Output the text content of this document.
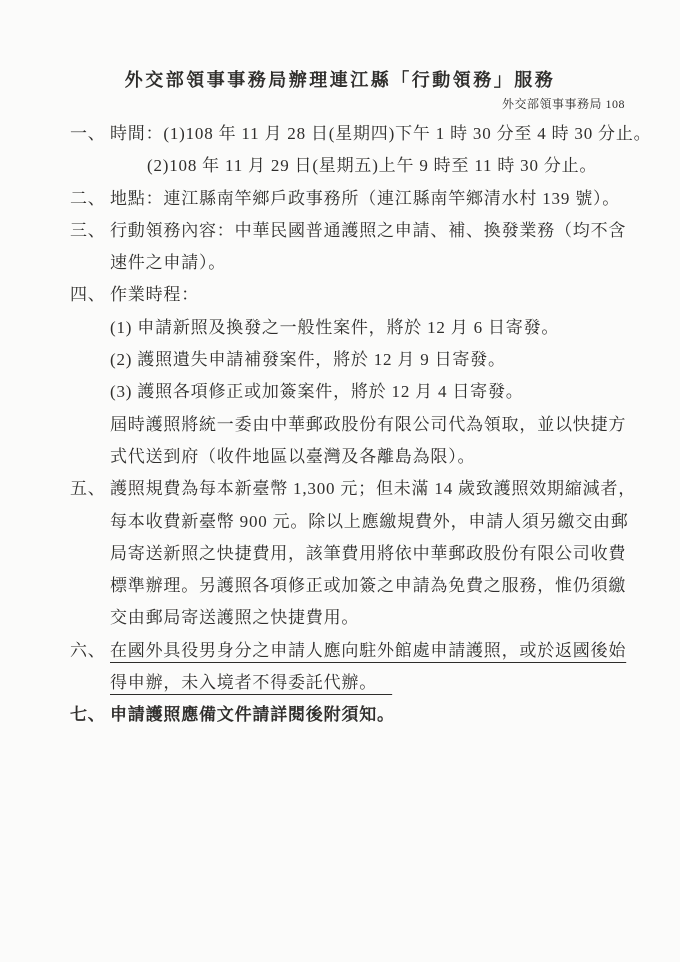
外交部領事事務局辦理連江縣「行動領務」服務
外交部領事事務局 108
一、 時間：(1)108 年 11 月 28 日(星期四)下午 1 時 30 分至 4 時 30 分止。
(2)108 年 11 月 29 日(星期五)上午 9 時至 11 時 30 分止。
二、 地點：連江縣南竿鄉戶政事務所（連江縣南竿鄉清水村 139 號）。
三、 行動領務內容：中華民國普通護照之申請、補、換發業務（均不含
速件之申請）。
四、 作業時程：
(1) 申請新照及換發之一般性案件，將於 12 月 6 日寄發。
(2) 護照遺失申請補發案件，將於 12 月 9 日寄發。
(3) 護照各項修正或加簽案件，將於 12 月 4 日寄發。
屆時護照將統一委由中華郵政股份有限公司代為領取，並以快捷方
式代送到府（收件地區以臺灣及各離島為限）。
五、 護照規費為每本新臺幣 1,300 元；但未滿 14 歲致護照效期縮減者，
每本收費新臺幣 900 元。除以上應繳規費外，申請人須另繳交由郵
局寄送新照之快捷費用，該筆費用將依中華郵政股份有限公司收費
標準辦理。另護照各項修正或加簽之申請為免費之服務，惟仍須繳
交由郵局寄送護照之快捷費用。
六、 在國外具役男身分之申請人應向駐外館處申請護照，或於返國後始
得申辦，未入境者不得委託代辦。
七、 申請護照應備文件請詳閱後附須知。
